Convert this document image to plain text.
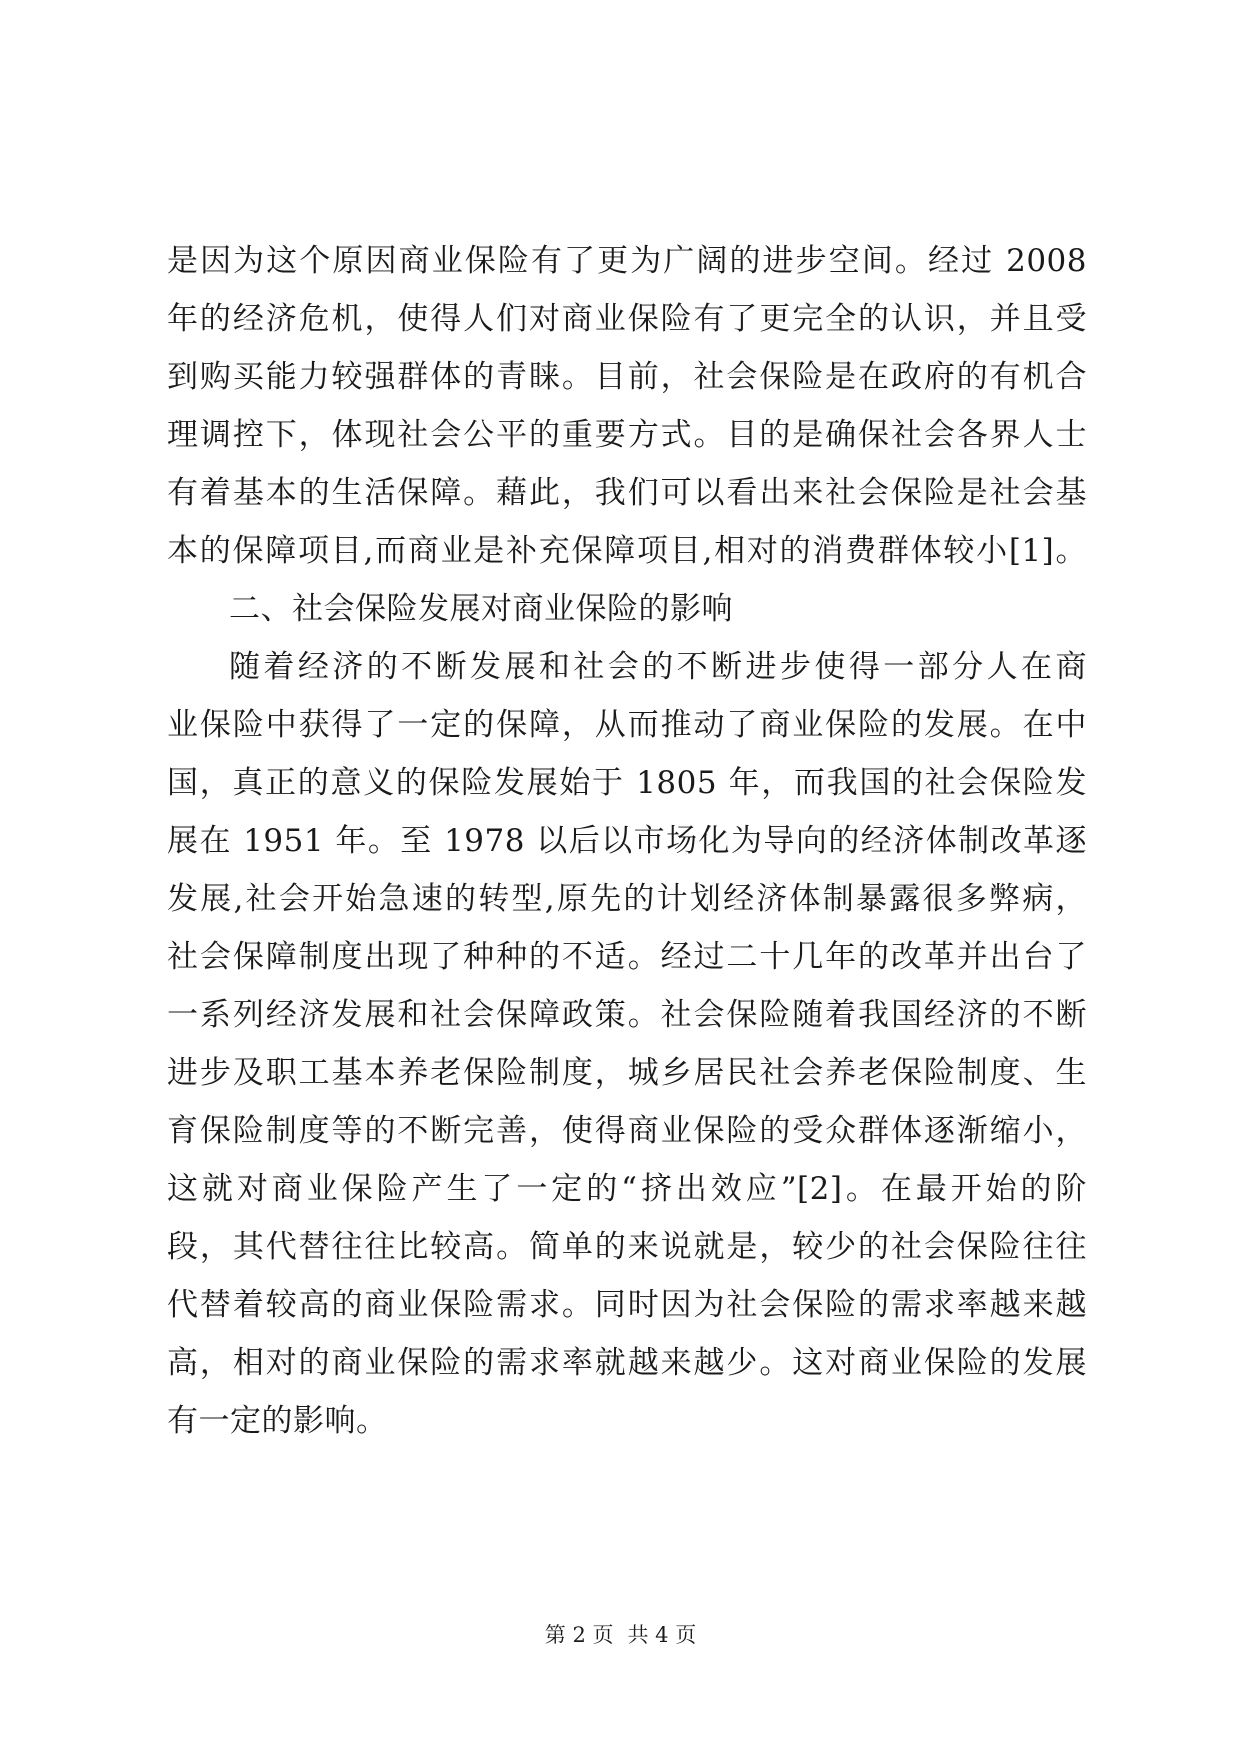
是因为这个原因商业保险有了更为广阔的进步空间。经过 2008
年的经济危机，使得人们对商业保险有了更完全的认识，并且受
到购买能力较强群体的青睐。目前，社会保险是在政府的有机合
理调控下，体现社会公平的重要方式。目的是确保社会各界人士
有着基本的生活保障。藉此，我们可以看出来社会保险是社会基
本的保障项目,而商业是补充保障项目,相对的消费群体较小[1]。
二、社会保险发展对商业保险的影响
随着经济的不断发展和社会的不断进步使得一部分人在商
业保险中获得了一定的保障，从而推动了商业保险的发展。在中
国，真正的意义的保险发展始于 1805 年，而我国的社会保险发
展在 1951 年。至 1978 以后以市场化为导向的经济体制改革逐
发展,社会开始急速的转型,原先的计划经济体制暴露很多弊病，
社会保障制度出现了种种的不适。经过二十几年的改革并出台了
一系列经济发展和社会保障政策。社会保险随着我国经济的不断
进步及职工基本养老保险制度，城乡居民社会养老保险制度、生
育保险制度等的不断完善，使得商业保险的受众群体逐渐缩小，
这就对商业保险产生了一定的“挤出效应”[2]。在最开始的阶
段，其代替往往比较高。简单的来说就是，较少的社会保险往往
代替着较高的商业保险需求。同时因为社会保险的需求率越来越
高，相对的商业保险的需求率就越来越少。这对商业保险的发展
有一定的影响。
第 2 页 共 4 页
